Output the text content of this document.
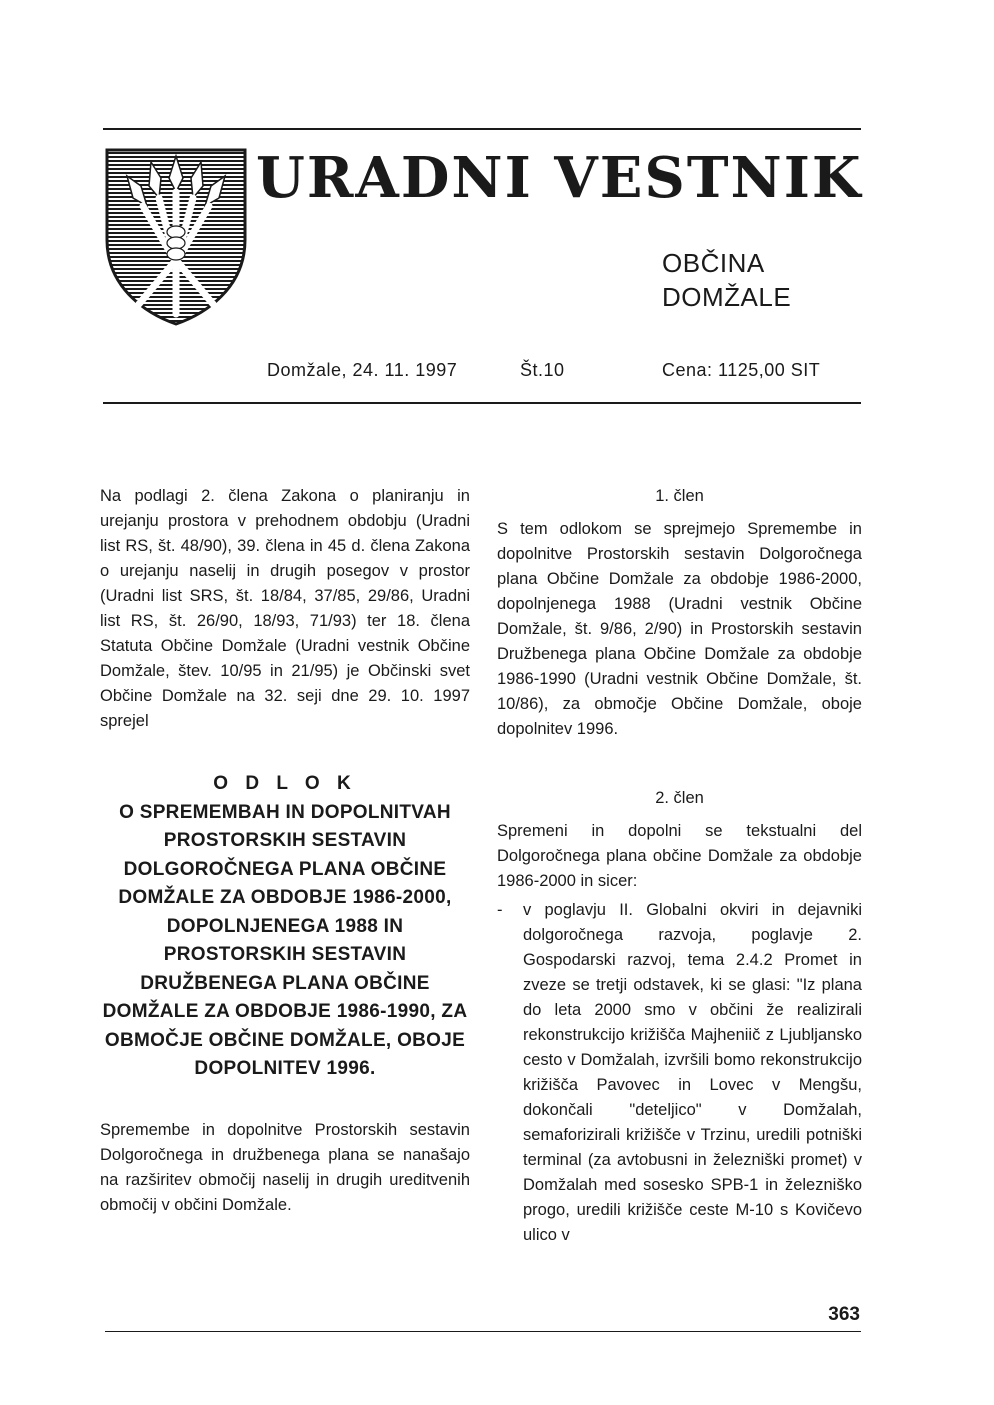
URADNI VESTNIK
OBČINA
DOMŽALE
Domžale, 24. 11. 1997	Št.10	Cena: 1125,00 SIT

Na podlagi 2. člena Zakona o planiranju in urejanju prostora v prehodnem obdobju (Uradni list RS, št. 48/90), 39. člena in 45 d. člena Zakona o urejanju naselij in drugih posegov v prostor (Uradni list SRS, št. 18/84, 37/85, 29/86, Uradni list RS, št. 26/90, 18/93, 71/93) ter 18. člena Statuta Občine Domžale (Uradni vestnik Občine Domžale, štev. 10/95 in 21/95) je Občinski svet Občine Domžale na 32. seji dne 29. 10. 1997 sprejel

O D L O K
O SPREMEMBAH IN DOPOLNITVAH PROSTORSKIH SESTAVIN DOLGOROČNEGA PLANA OBČINE DOMŽALE ZA OBDOBJE 1986-2000, DOPOLNJENEGA 1988 IN PROSTORSKIH SESTAVIN DRUŽBENEGA PLANA OBČINE DOMŽALE ZA OBDOBJE 1986-1990, ZA OBMOČJE OBČINE DOMŽALE, OBOJE DOPOLNITEV 1996.

Spremembe in dopolnitve Prostorskih sestavin Dolgoročnega in družbenega plana se nanašajo na razširitev območij naselij in drugih ureditvenih območij v občini Domžale.

1. člen

S tem odlokom se sprejmejo Spremembe in dopolnitve Prostorskih sestavin Dolgoročnega plana Občine Domžale za obdobje 1986-2000, dopolnjenega 1988 (Uradni vestnik Občine Domžale, št. 9/86, 2/90) in Prostorskih sestavin Družbenega plana Občine Domžale za obdobje 1986-1990 (Uradni vestnik Občine Domžale, št. 10/86), za območje Občine Domžale, oboje dopolnitev 1996.

2. člen

Spremeni in dopolni se tekstualni del Dolgoročnega plana občine Domžale za obdobje 1986-2000 in sicer:

- v poglavju II. Globalni okviri in dejavniki dolgoročnega razvoja, poglavje 2. Gospodarski razvoj, tema 2.4.2 Promet in zveze se tretji odstavek, ki se glasi: "Iz plana do leta 2000 smo v občini že realizirali rekonstrukcijo križišča Majheniič z Ljubljansko cesto v Domžalah, izvršili bomo rekonstrukcijo križišča Pavovec in Lovec v Mengšu, dokončali "deteljico" v Domžalah, semaforizirali križišče v Trzinu, uredili potniški terminal (za avtobusni in železniški promet) v Domžalah med sosesko SPB-1 in železniško progo, uredili križišče ceste M-10 s Kovičevo ulico v

363
